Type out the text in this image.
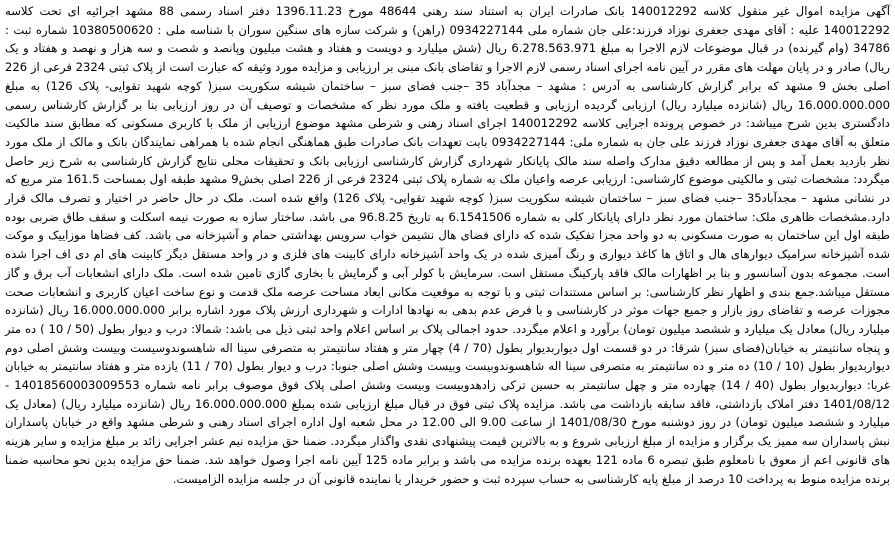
آگهی مزایده اموال غیر منقول کلاسه 140012292 بانک صادرات ایران به استناد سند رهنی 48644 مورخ 1396.11.23 دفتر اسناد رسمی 88 مشهد اجرائیه ای تحت کلاسه 140012292 علیه : آقای مهدی جعفری نوزاد فرزند:علی جان شماره ملی 0934227144 (راهن) و شرکت سازه های سنگین سوران با شناسه ملی : 10380500620 شماره ثبت : 34786 (وام گیرنده) در قبال موضوعات لازم الاجرا به مبلغ 6.278.563.971 ریال (شش میلیارد و دویست و هفتاد و هشت میلیون وپانصد و شصت و سه هزار و نهصد و هفتاد و یک ریال) صادر و در پایان مهلت های مقرر در آیین نامه اجرای اسناد رسمی لازم الاجرا و تقاضای بانک مبنی بر ارزیابی و مزایده مورد وثیقه که عبارت است از پلاک ثبتی 2324 فرعی از 226 اصلی بخش 9 مشهد که برابر گزارش کارشناسی به آدرس : مشهد – مجدآباد 35 –جنب فضای سبز – ساختمان شیشه سکوریت سبز( کوچه شهید تقوایی- پلاک 126) به مبلغ 16.000.000.000 ریال (شانزده میلیارد ریال) ارزیابی گردیده ارزیابی و قطعیت یافته و ملک مورد نظر که مشخصات و توصیف آن در روز ارزیابی بنا بر گزارش کارشناس رسمی دادگستری بدین شرح میباشد: در خصوص پرونده اجرایی کلاسه 140012292 اجرای اسناد رهنی و شرطی مشهد موضوع ارزیابی از ملک با کاربری مسکونی که مطابق سند مالکیت متعلق به آقای مهدی جعفری نوزاد فرزند علی جان به شماره ملی: 0934227144 بابت تعهدات بانک صادرات طبق هماهنگی انجام شده با همراهی نمایندگان بانک و مالک از ملک مورد نظر بازدید بعمل آمد و پس از مطالعه دقیق مدارک واصله سند مالک پایانکار شهرداری گزارش کارشناسی ارزیابی بانک و تحقیقات محلی نتایج گزارش کارشناسی به شرح زیر حاصل میگردد: مشخصات ثبتی و مالکیتی موضوع کارشناسی: ارزیابی عرصه واعیان ملک به شماره پلاک ثبتی 2324 فرعی از 226 اصلی بخش9 مشهد طبقه اول بمساحت 161.5 متر مربع که در نشانی مشهد – مجدآباد35 –جنب فضای سبز – ساختمان شیشه سکوریت سبز( کوچه شهید تقوایی- پلاک 126) واقع شده است. ملک در حال حاضر در اختیار و تصرف مالک قرار دارد.مشخصات ظاهری ملک: ساختمان مورد نظر دارای پایانکار کلی به شماره 6.1541506 به تاریخ 96.8.25 می باشد. ساختار سازه به صورت نیمه اسکلت و سقف طاق ضربی بوده طبقه اول این ساختمان به صورت مسکونی به دو واحد مجزا تفکیک شده که دارای فضای هال نشیمن خواب سرویس بهداشتی حمام و آشپزخانه می باشد. کف فضاها موزاییک و موکت شده آشپزخانه سرامیک دیوارهای هال و اتاق ها کاغذ دیواری و رنگ آمیزی شده در یک واحد آشپزخانه دارای کابینت های فلزی و در واحد مستقل دیگر کابینت های ام دی اف اجرا شده است. مجموعه بدون آسانسور و بنا بر اظهارات مالک فاقد پارکینگ مستقل است. سرمایش با کولر آبی و گرمایش با بخاری گازی تامین شده است. ملک دارای انشعابات آب برق و گاز مستقل میباشد.جمع بندی و اظهار نظر کارشناسی: بر اساس مستندات ثبتی و با توجه به موقعیت مکانی ابعاد مساحت عرصه ملک قدمت و نوع ساخت اعیان کاربری و انشعابات صحت مجوزات عرصه و تقاضای روز بازار و جمیع جهات موثر در کارشناسی و با فرض عدم بدهی به نهادها ادارات و شهرداری ارزش پلاک مورد اشاره برابر 16.000.000.000 ریال (شانزده میلیارد ریال) معادل یک میلیارد و ششصد میلیون تومان) برآورد و اعلام میگردد. حدود اجمالی پلاک بر اساس اعلام واحد ثبتی ذیل می باشد: شمالا: درب و دیوار بطول (50 / 10 ) ده متر و پنجاه سانتیمتر به خیابان(فضای سبز) شرقا: در دو قسمت اول دیواربدیوار بطول (70 / 4) چهار متر و هفتاد سانتیمتر به متصرفی سینا اله شاهسوندوسیست وبیست وشش اصلی دوم دیواربدیوار بطول (10 / 10) ده متر و ده سانتیمتر به متصرفی سینا اله شاهسوندوبیست وبیست وشش اصلی جنوبا: درب و دیوار بطول (70 / 11) یازده متر و هفتاد سانتیمتر به خیابان غربا: دیواربدیوار بطول (40 / 14) چهارده متر و چهل سانتیمتر به حسین ترکی زادهدوبیست وبیست وشش اصلی پلاک فوق موصوف برابر نامه شماره 14018560003009553 - 1401/08/12 دفتر املاک بازداشتی، فاقد سابقه بازداشت می باشد. مزایده پلاک ثبتی فوق در قبال مبلغ ارزیابی شده بمبلغ 16.000.000.000 ریال (شانزده میلیارد ریال) (معادل یک میلیارد و ششصد میلیون تومان) در روز دوشنبه مورخ 1401/08/30 از ساعت 9.00 الی 12.00 در محل شعبه اول اداره اجرای اسناد رهنی و شرطی مشهد واقع در خیابان پاسداران نبش پاسداران سه ممیز یک برگزار و مزایده از مبلغ ارزیابی شروع و به بالاترین قیمت پیشنهادی نقدی واگذار میگردد. ضمنا حق مزایده نیم عشر اجرایی زائد بر مبلغ مزایده و سایر هزینه های قانونی اعم از معوق با نامعلوم طبق تبصره 6 ماده 121 بعهده برنده مزایده می باشد و برابر ماده 125 آیین نامه اجرا وصول خواهد شد. ضمنا حق مزایده بدین نحو محاسبه ضمنا برنده مزایده منوط به پرداخت 10 درصد از مبلغ پایه کارشناسی به حساب سپرده ثبت و حضور خریدار یا نماینده قانونی آن در جلسه مزایده الزامیست.
